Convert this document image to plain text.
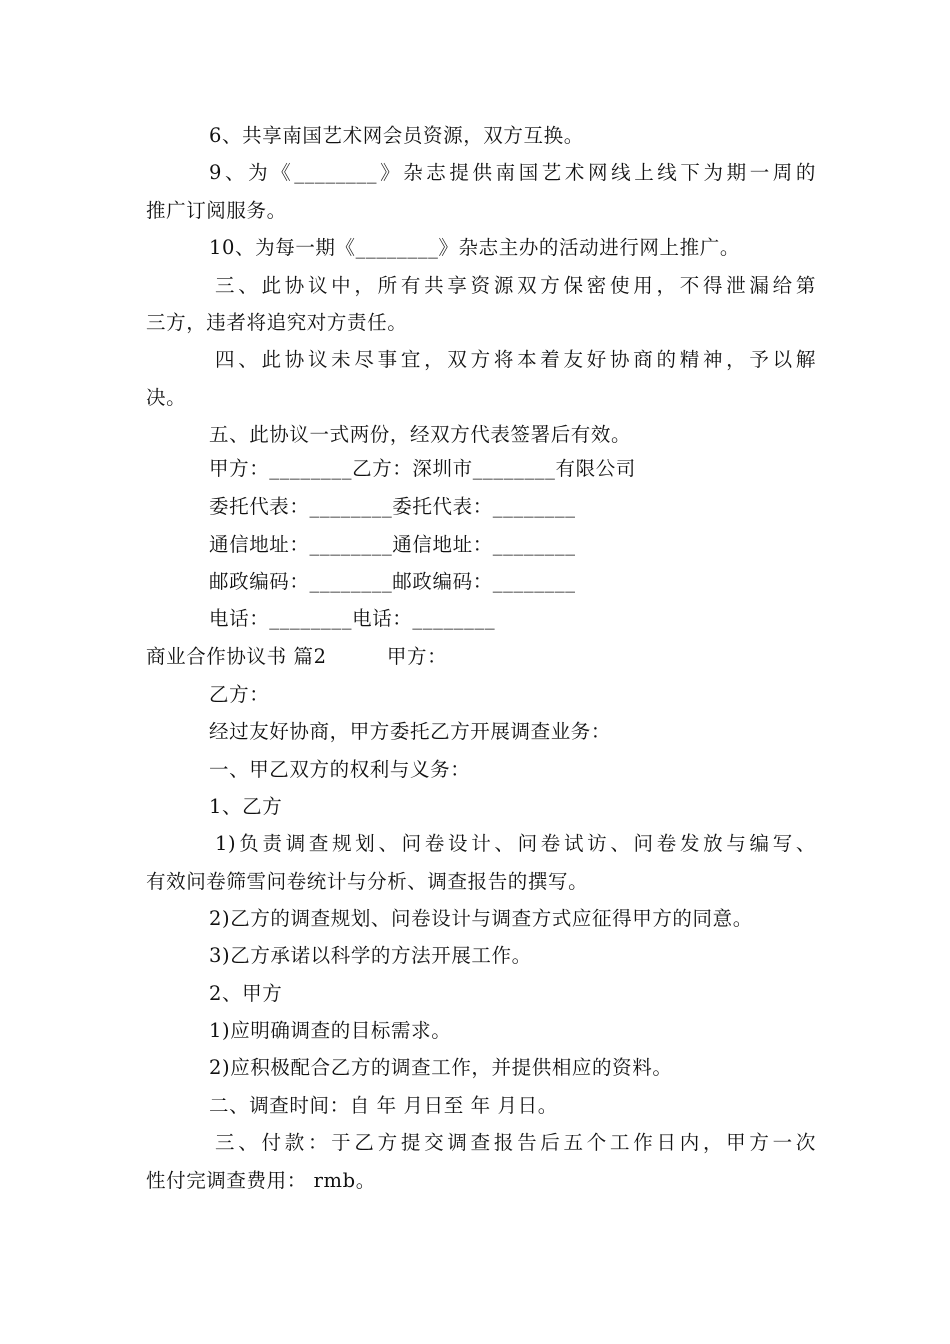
6、共享南国艺术网会员资源，双方互换。
9、为《________》杂志提供南国艺术网线上线下为期一周的
推广订阅服务。
10、为每一期《________》杂志主办的活动进行网上推广。
三、此协议中，所有共享资源双方保密使用，不得泄漏给第
三方，违者将追究对方责任。
四、此协议未尽事宜，双方将本着友好协商的精神，予以解
决。
五、此协议一式两份，经双方代表签署后有效。
甲方：________乙方：深圳市________有限公司
委托代表：________委托代表：________
通信地址：________通信地址：________
邮政编码：________邮政编码：________
电话：________电话：________
商业合作协议书 篇2　　　甲方：
乙方：
经过友好协商，甲方委托乙方开展调查业务：
一、甲乙双方的权利与义务：
1、乙方
1)负责调查规划、问卷设计、问卷试访、问卷发放与编写、
有效问卷筛雪问卷统计与分析、调查报告的撰写。
2)乙方的调查规划、问卷设计与调查方式应征得甲方的同意。
3)乙方承诺以科学的方法开展工作。
2、甲方
1)应明确调查的目标需求。
2)应积极配合乙方的调查工作，并提供相应的资料。
二、调查时间：自 年 月日至 年 月日。
三、付款：于乙方提交调查报告后五个工作日内，甲方一次
性付完调查费用： rmb。
